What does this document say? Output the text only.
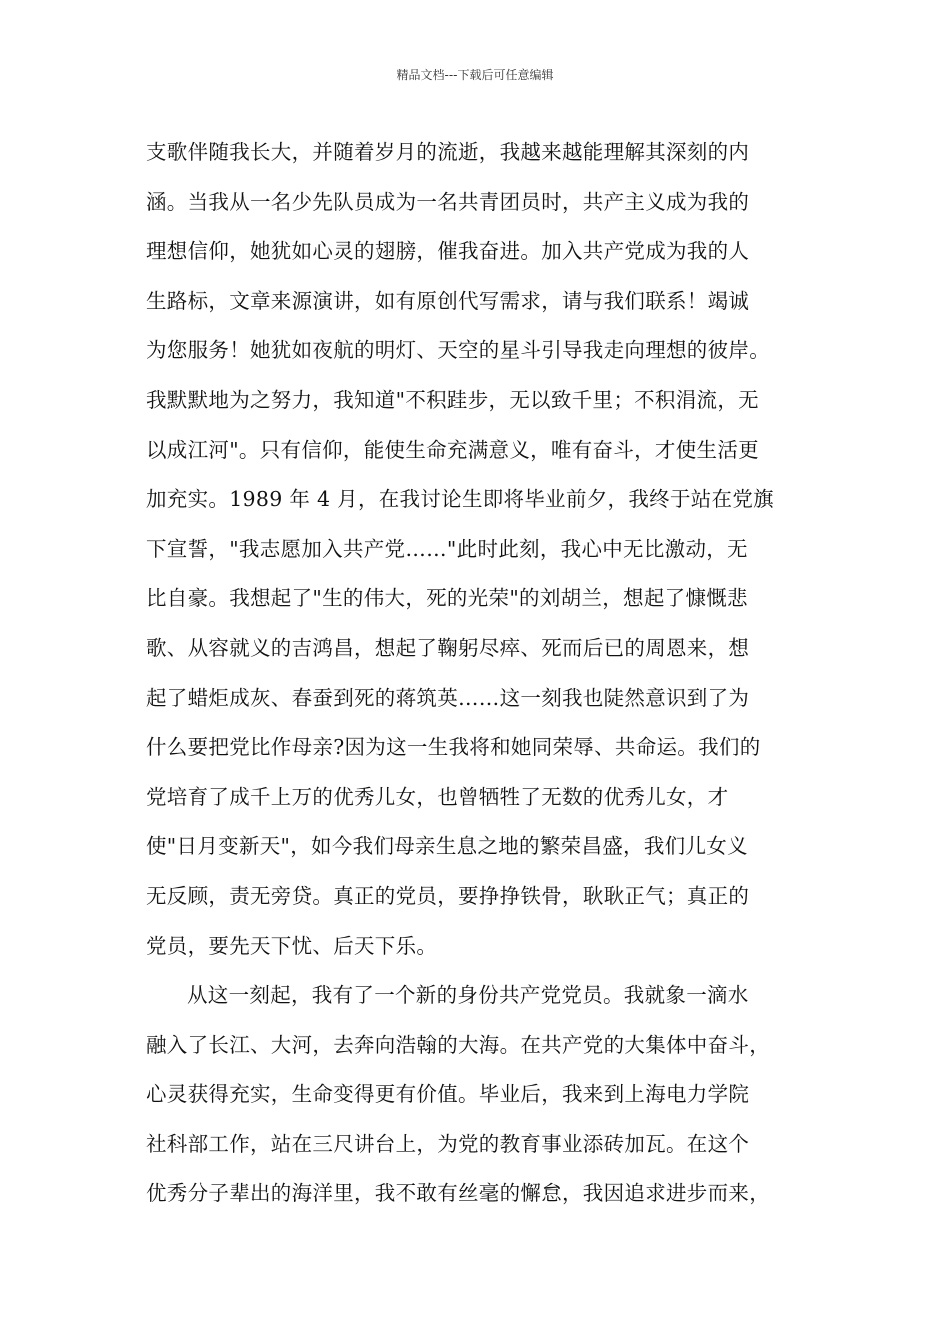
精品文档---下载后可任意编辑
支歌伴随我长大，并随着岁月的流逝，我越来越能理解其深刻的内
涵。当我从一名少先队员成为一名共青团员时，共产主义成为我的
理想信仰，她犹如心灵的翅膀，催我奋进。加入共产党成为我的人
生路标，文章来源演讲，如有原创代写需求，请与我们联系！竭诚
为您服务！她犹如夜航的明灯、天空的星斗引导我走向理想的彼岸。
我默默地为之努力，我知道"不积跬步，无以致千里；不积涓流，无
以成江河"。只有信仰，能使生命充满意义，唯有奋斗，才使生活更
加充实。1989 年 4 月，在我讨论生即将毕业前夕，我终于站在党旗
下宣誓，"我志愿加入共产党……"此时此刻，我心中无比激动，无
比自豪。我想起了"生的伟大，死的光荣"的刘胡兰，想起了慷慨悲
歌、从容就义的吉鸿昌，想起了鞠躬尽瘁、死而后已的周恩来，想
起了蜡炬成灰、春蚕到死的蒋筑英……这一刻我也陡然意识到了为
什么要把党比作母亲?因为这一生我将和她同荣辱、共命运。我们的
党培育了成千上万的优秀儿女，也曾牺牲了无数的优秀儿女，才
使"日月变新天"，如今我们母亲生息之地的繁荣昌盛，我们儿女义
无反顾，责无旁贷。真正的党员，要挣挣铁骨，耿耿正气；真正的
党员，要先天下忧、后天下乐。
从这一刻起，我有了一个新的身份共产党党员。我就象一滴水
融入了长江、大河，去奔向浩翰的大海。在共产党的大集体中奋斗，
心灵获得充实，生命变得更有价值。毕业后，我来到上海电力学院
社科部工作，站在三尺讲台上，为党的教育事业添砖加瓦。在这个
优秀分子辈出的海洋里，我不敢有丝毫的懈怠，我因追求进步而来，
